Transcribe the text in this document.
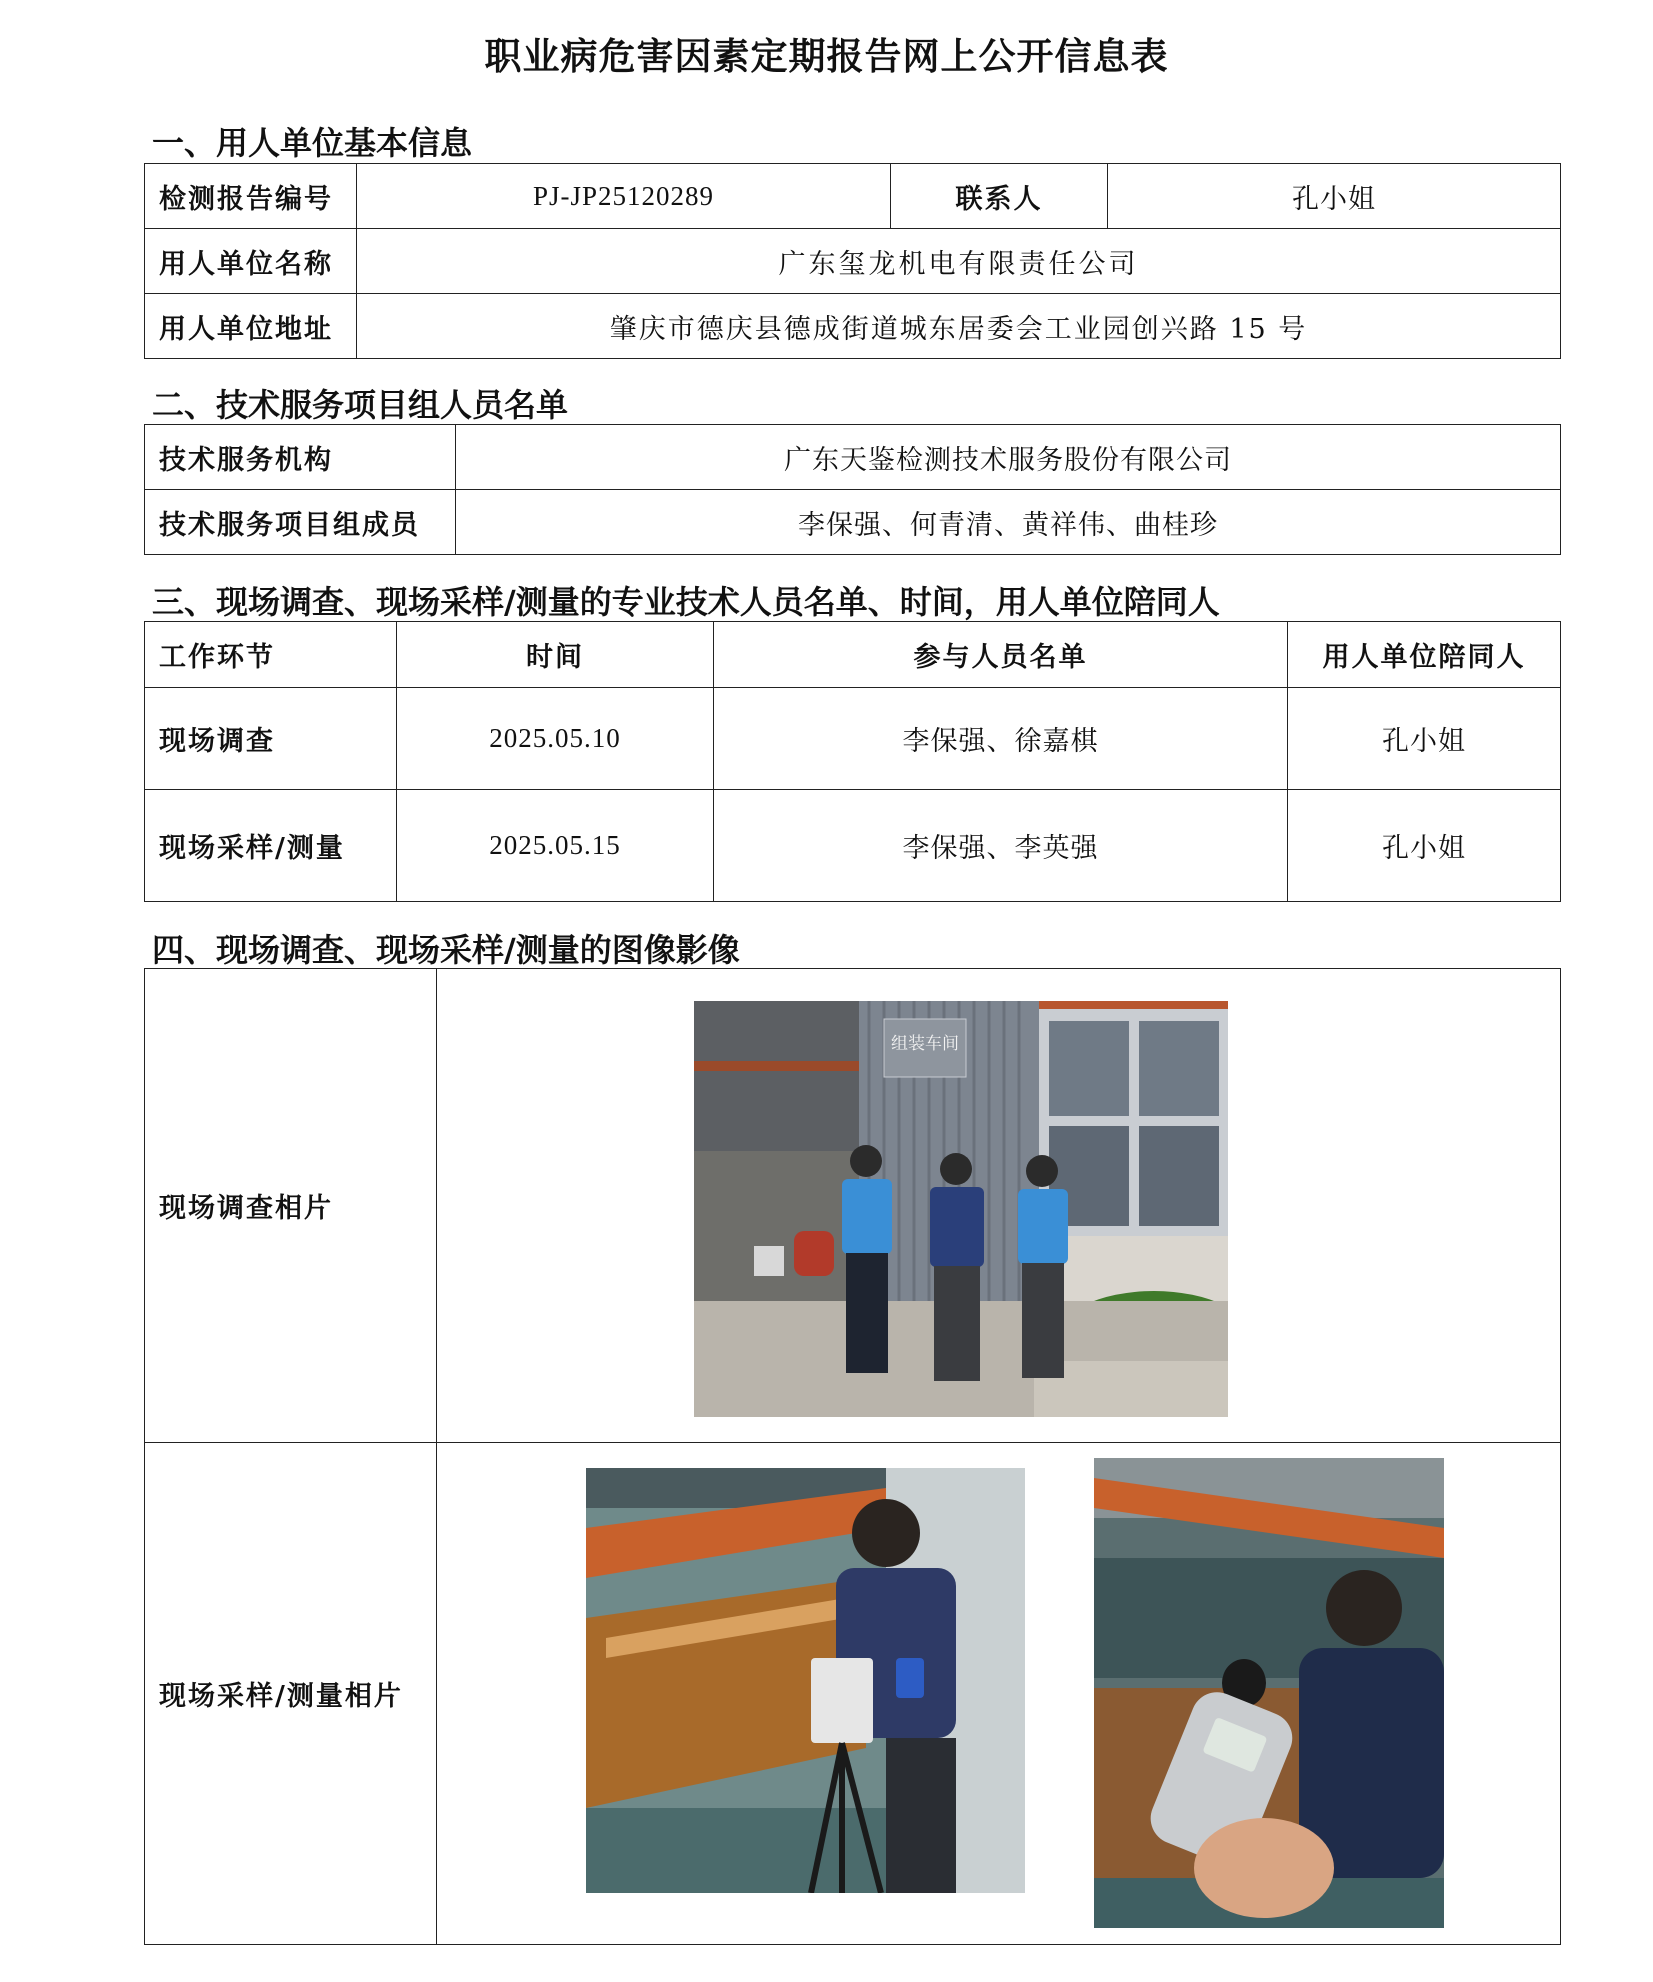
职业病危害因素定期报告网上公开信息表
一、用人单位基本信息
检测报告编号	PJ-JP25120289	联系人	孔小姐
用人单位名称	广东玺龙机电有限责任公司		
用人单位地址	肇庆市德庆县德成街道城东居委会工业园创兴路 15 号		
二、技术服务项目组人员名单
技术服务机构	广东天鉴检测技术服务股份有限公司
技术服务项目组成员	李保强、何青清、黄祥伟、曲桂珍
三、现场调查、现场采样/测量的专业技术人员名单、时间，用人单位陪同人
工作环节	时间	参与人员名单	用人单位陪同人
现场调查	2025.05.10	李保强、徐嘉棋	孔小姐
现场采样/测量	2025.05.15	李保强、李英强	孔小姐
四、现场调查、现场采样/测量的图像影像
现场调查相片	
现场采样/测量相片	
组装车间
